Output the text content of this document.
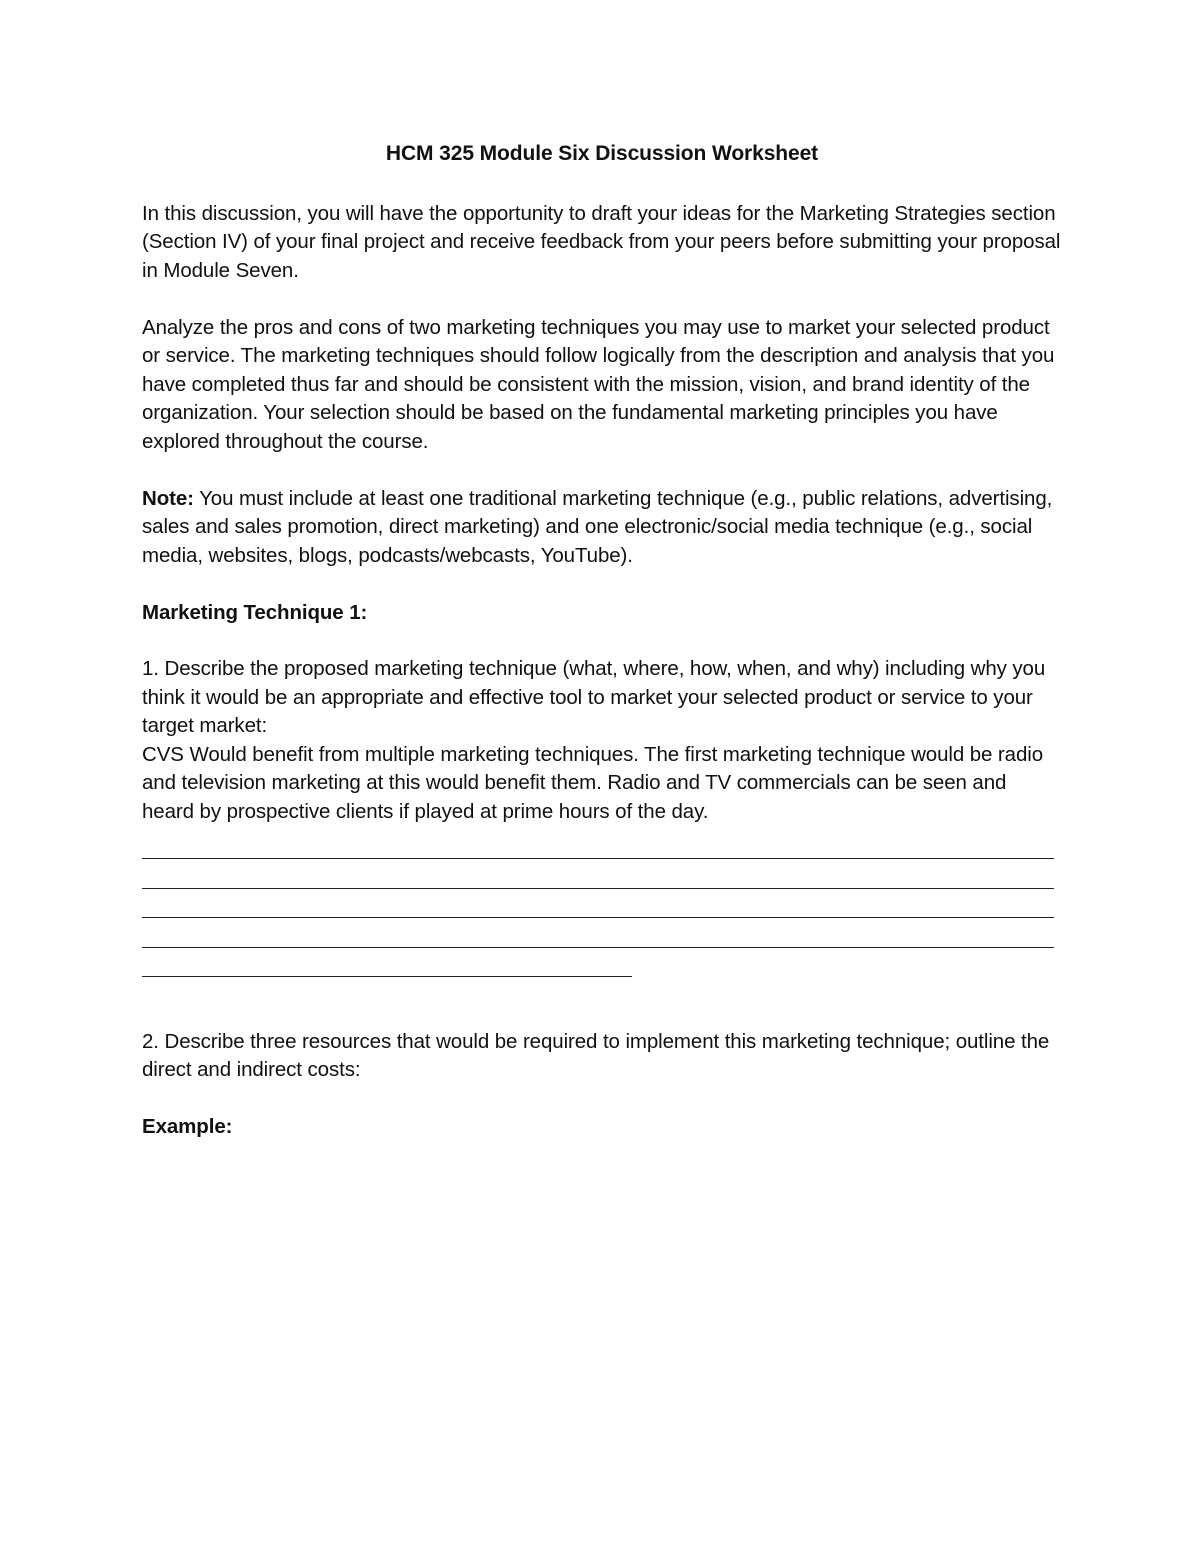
HCM 325 Module Six Discussion Worksheet

In this discussion, you will have the opportunity to draft your ideas for the Marketing Strategies section (Section IV) of your final project and receive feedback from your peers before submitting your proposal in Module Seven.

Analyze the pros and cons of two marketing techniques you may use to market your selected product or service. The marketing techniques should follow logically from the description and analysis that you have completed thus far and should be consistent with the mission, vision, and brand identity of the organization. Your selection should be based on the fundamental marketing principles you have explored throughout the course.

Note: You must include at least one traditional marketing technique (e.g., public relations, advertising, sales and sales promotion, direct marketing) and one electronic/social media technique (e.g., social media, websites, blogs, podcasts/webcasts, YouTube).

Marketing Technique 1:

1. Describe the proposed marketing technique (what, where, how, when, and why) including why you think it would be an appropriate and effective tool to market your selected product or service to your target market:

CVS Would benefit from multiple marketing techniques. The first marketing technique would be radio and television marketing at this would benefit them. Radio and TV commercials can be seen and heard by prospective clients if played at prime hours of the day.

2. Describe three resources that would be required to implement this marketing technique; outline the direct and indirect costs:

Example:
